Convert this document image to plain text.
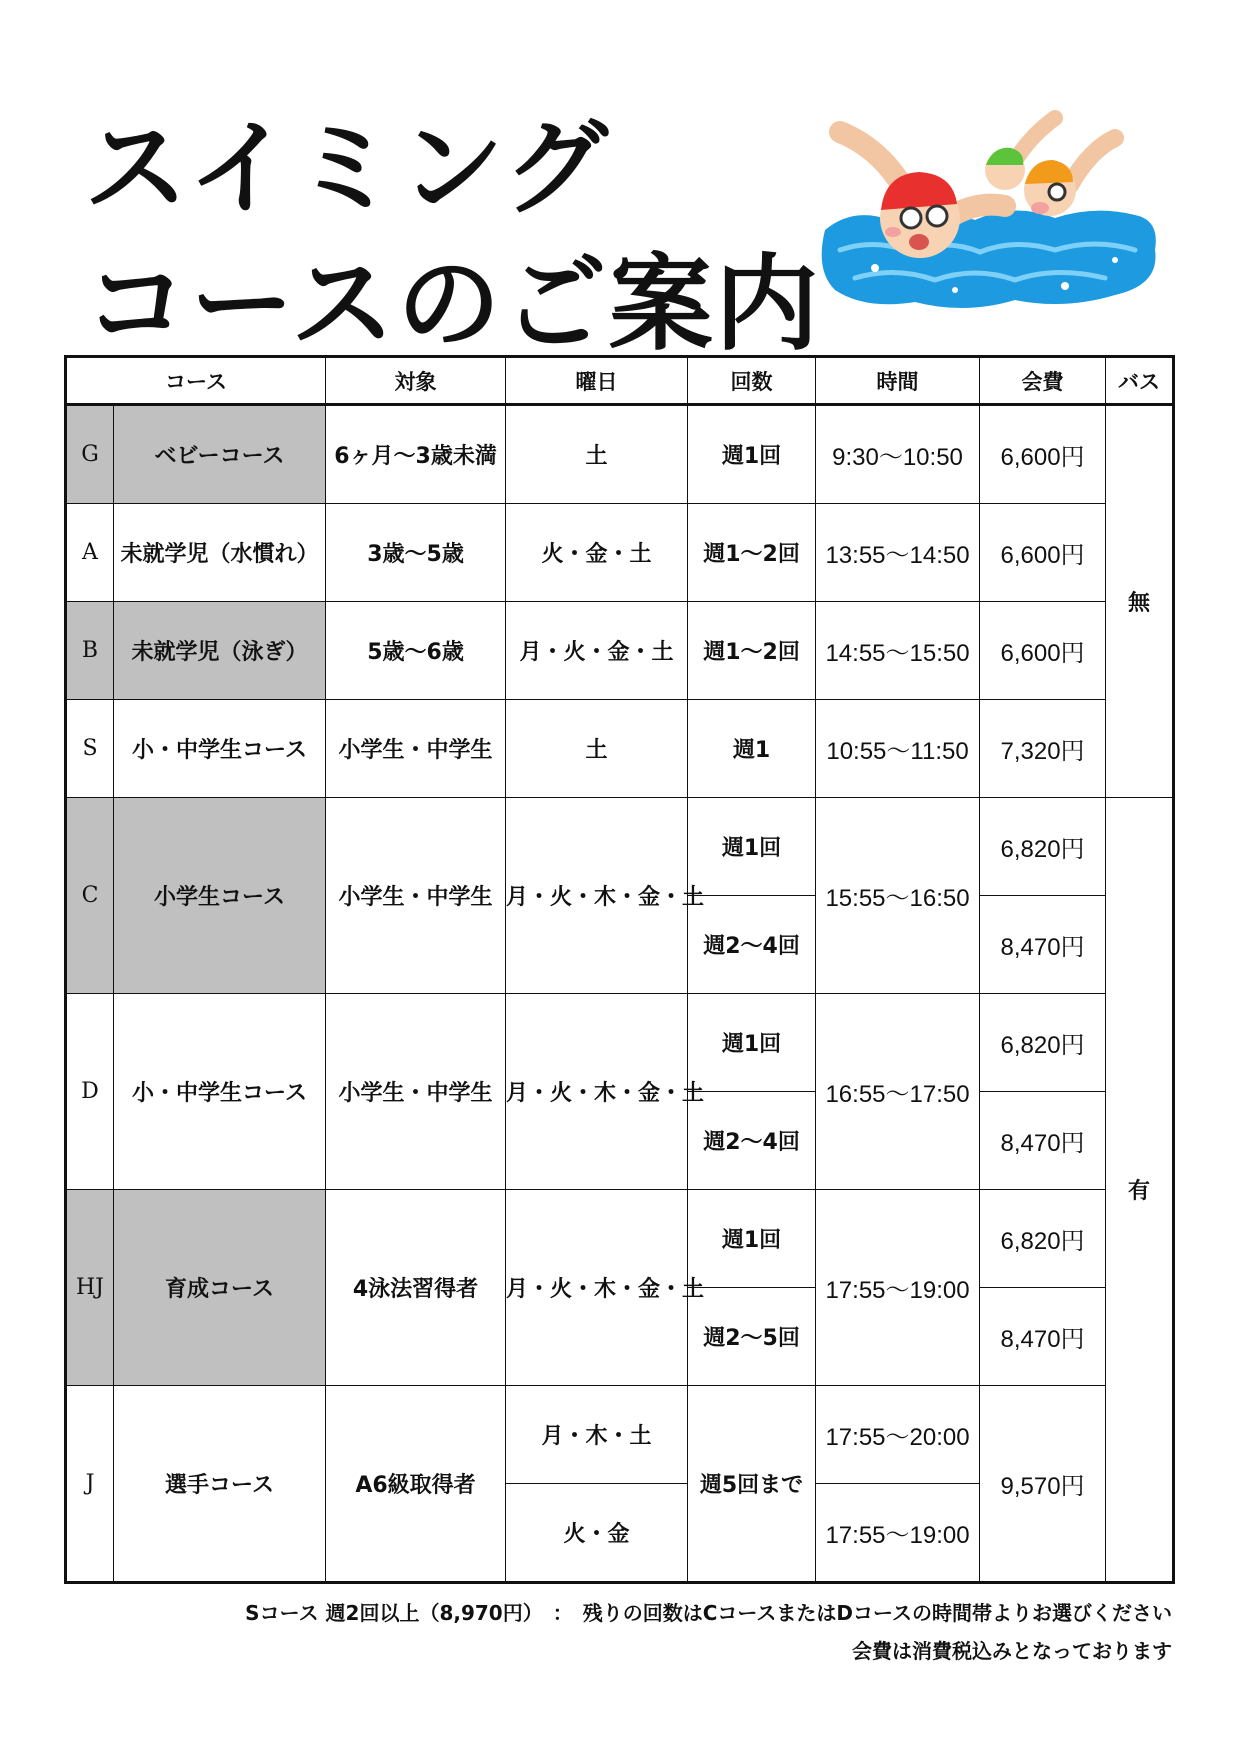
スイミング
コースのご案内
コース		対象	曜日	回数	時間	会費	バス
G	ベビーコース	6ヶ月～3歳未満	土	週1回	9:30～10:50	6,600円	無
A	未就学児（水慣れ）	3歳～5歳	火・金・土	週1～2回	13:55～14:50	6,600円	
B	未就学児（泳ぎ）	5歳～6歳	月・火・金・土	週1～2回	14:55～15:50	6,600円	
S	小・中学生コース	小学生・中学生	土	週1	10:55～11:50	7,320円	
C	小学生コース	小学生・中学生	月・火・木・金・土	週1回	15:55～16:50	6,820円	有
				週2～4回		8,470円	
D	小・中学生コース	小学生・中学生	月・火・木・金・土	週1回	16:55～17:50	6,820円	
				週2～4回		8,470円	
HJ	育成コース	4泳法習得者	月・火・木・金・土	週1回	17:55～19:00	6,820円	
				週2～5回		8,470円	
J	選手コース	A6級取得者	月・木・土	週5回まで	17:55～20:00	9,570円	
			火・金		17:55～19:00		
Sコース 週2回以上（8,970円）　：　残りの回数はCコースまたはDコースの時間帯よりお選びください
会費は消費税込みとなっております
